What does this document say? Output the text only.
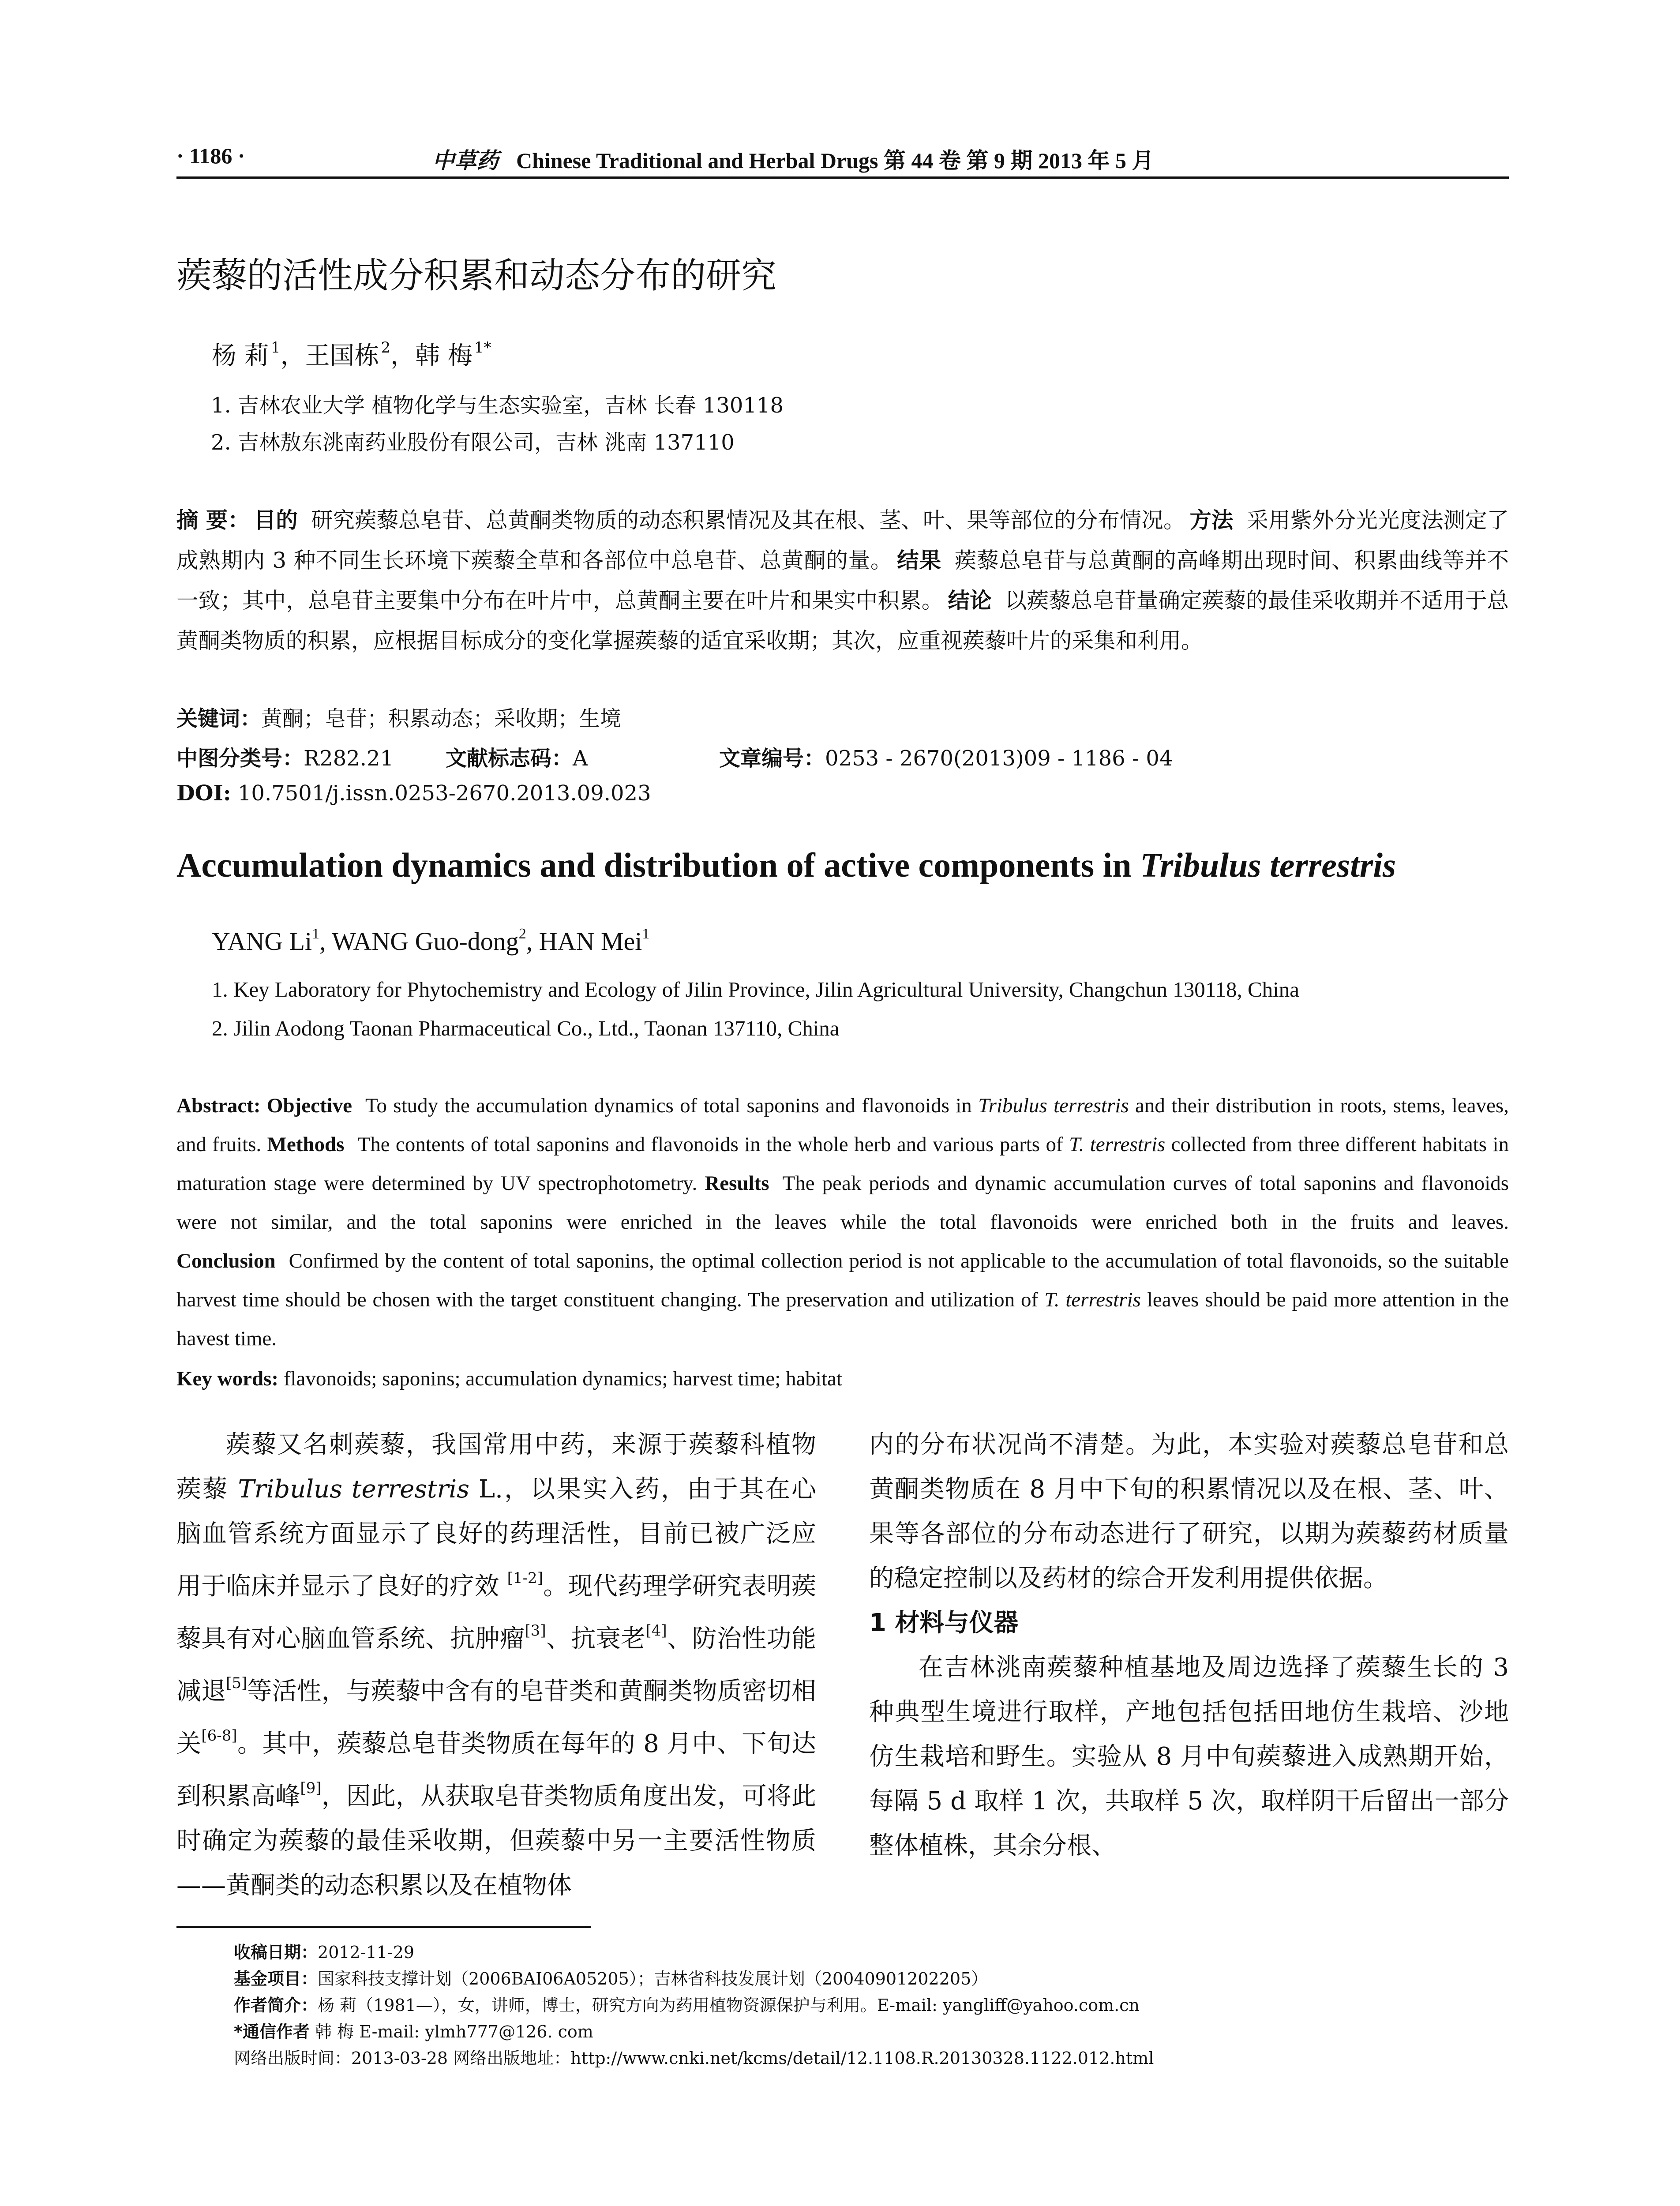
· 1186 ·	中草药 Chinese Traditional and Herbal Drugs 第 44 卷 第 9 期 2013 年 5 月
蒺藜的活性成分积累和动态分布的研究
杨 莉 $^1$，王国栋 $^2$，韩 梅 $^{1*}$
1. 吉林农业大学 植物化学与生态实验室，吉林 长春 130118
2. 吉林敖东洮南药业股份有限公司，吉林 洮南 137110
摘 要： 目的 研究蒺藜总皂苷、总黄酮类物质的动态积累情况及其在根、茎、叶、果等部位的分布情况。 方法 采用紫外分光光度法测定了成熟期内 3 种不同生长环境下蒺藜全草和各部位中总皂苷、总黄酮的量。 结果 蒺藜总皂苷与总黄酮的高峰期出现时间、积累曲线等并不一致；其中，总皂苷主要集中分布在叶片中，总黄酮主要在叶片和果实中积累。 结论 以蒺藜总皂苷量确定蒺藜的最佳采收期并不适用于总黄酮类物质的积累，应根据目标成分的变化掌握蒺藜的适宜采收期；其次，应重视蒺藜叶片的采集和利用。
关键词：黄酮；皂苷；积累动态；采收期；生境
中图分类号：R282.21 文献标志码：A	文章编号：0253 - 2670(2013)09 - 1186 - 04
DOI: 10.7501/j.issn.0253-2670.2013.09.023
Accumulation dynamics and distribution of active components in Tribulus terrestris
YANG Li$^1$, WANG Guo-dong$^2$, HAN Mei$^1$
1. Key Laboratory for Phytochemistry and Ecology of Jilin Province, Jilin Agricultural University, Changchun 130118, China
2. Jilin Aodong Taonan Pharmaceutical Co., Ltd., Taonan 137110, China
Abstract: Objective To study the accumulation dynamics of total saponins and flavonoids in Tribulus terrestris and their distribution in roots, stems, leaves, and fruits. Methods The contents of total saponins and flavonoids in the whole herb and various parts of T. terrestris collected from three different habitats in maturation stage were determined by UV spectrophotometry. Results The peak periods and dynamic accumulation curves of total saponins and flavonoids were not similar, and the total saponins were enriched in the leaves while the total flavonoids were enriched both in the fruits and leaves. Conclusion Confirmed by the content of total saponins, the optimal collection period is not applicable to the accumulation of total flavonoids, so the suitable harvest time should be chosen with the target constituent changing. The preservation and utilization of T. terrestris leaves should be paid more attention in the havest time.
Key words: flavonoids; saponins; accumulation dynamics; harvest time; habitat

蒺藜又名刺蒺藜，我国常用中药，来源于蒺藜科植物蒺藜 Tribulus terrestris L.，以果实入药，由于其在心脑血管系统方面显示了良好的药理活性，目前已被广泛应用于临床并显示了良好的疗效 [1-2]。现代药理学研究表明蒺藜具有对心脑血管系统、抗肿瘤[3]、抗衰老[4]、防治性功能减退[5]等活性，与蒺藜中含有的皂苷类和黄酮类物质密切相关[6-8]。其中，蒺藜总皂苷类物质在每年的 8 月中、下旬达到积累高峰[9]，因此，从获取皂苷类物质角度出发，可将此时确定为蒺藜的最佳采收期，但蒺藜中另一主要活性物质——黄酮类的动态积累以及在植物体

内的分布状况尚不清楚。为此，本实验对蒺藜总皂苷和总黄酮类物质在 8 月中下旬的积累情况以及在根、茎、叶、果等各部位的分布动态进行了研究，以期为蒺藜药材质量的稳定控制以及药材的综合开发利用提供依据。

1 材料与仪器

在吉林洮南蒺藜种植基地及周边选择了蒺藜生长的 3 种典型生境进行取样，产地包括包括田地仿生栽培、沙地仿生栽培和野生。实验从 8 月中旬蒺藜进入成熟期开始，每隔 5 d 取样 1 次，共取样 5 次，取样阴干后留出一部分整体植株，其余分根、

收稿日期：2012-11-29
基金项目：国家科技支撑计划（2006BAI06A05205）；吉林省科技发展计划（20040901202205）
作者简介：杨 莉（1981—），女，讲师，博士，研究方向为药用植物资源保护与利用。E-mail: yangliff@yahoo.com.cn
*通信作者 韩 梅 E-mail: ylmh777@126. com
网络出版时间：2013-03-28 网络出版地址：http://www.cnki.net/kcms/detail/12.1108.R.20130328.1122.012.html
